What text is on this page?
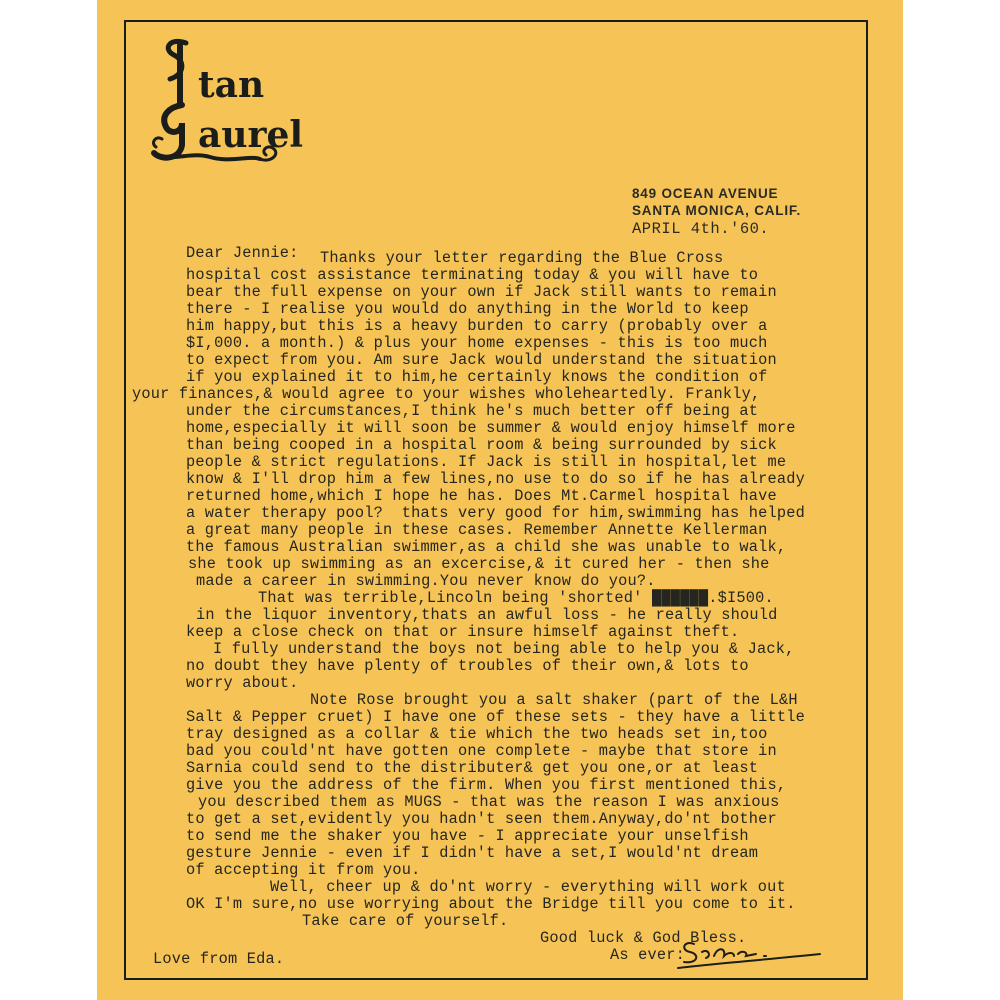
tan
aurel
849 OCEAN AVENUE
SANTA MONICA, CALIF.
APRIL 4th.'60.
Dear Jennie: Thanks your letter regarding the Blue Cross
hospital cost assistance terminating today & you will have to
bear the full expense on your own if Jack still wants to remain
there - I realise you would do anything in the World to keep
him happy,but this is a heavy burden to carry (probably over a
$I,000. a month.) & plus your home expenses - this is too much
to expect from you. Am sure Jack would understand the situation
if you explained it to him,he certainly knows the condition of
your finances,& would agree to your wishes wholeheartedly. Frankly,
under the circumstances,I think he's much better off being at
home,especially it will soon be summer & would enjoy himself more
than being cooped in a hospital room & being surrounded by sick
people & strict regulations. If Jack is still in hospital,let me
know & I'll drop him a few lines,no use to do so if he has already
returned home,which I hope he has. Does Mt.Carmel hospital have
a water therapy pool?  thats very good for him,swimming has helped
a great many people in these cases. Remember Annette Kellerman
the famous Australian swimmer,as a child she was unable to walk,
she took up swimming as an excercise,& it cured her - then she
made a career in swimming.You never know do you?.
That was terrible,Lincoln being 'shorted' ██████.$I500.
in the liquor inventory,thats an awful loss - he really should
keep a close check on that or insure himself against theft.
I fully understand the boys not being able to help you & Jack,
no doubt they have plenty of troubles of their own,& lots to
worry about.
Note Rose brought you a salt shaker (part of the L&H
Salt & Pepper cruet) I have one of these sets - they have a little
tray designed as a collar & tie which the two heads set in,too
bad you could'nt have gotten one complete - maybe that store in
Sarnia could send to the distributer& get you one,or at least
give you the address of the firm. When you first mentioned this,
you described them as MUGS - that was the reason I was anxious
to get a set,evidently you hadn't seen them.Anyway,do'nt bother
to send me the shaker you have - I appreciate your unselfish
gesture Jennie - even if I didn't have a set,I would'nt dream
of accepting it from you.
Well, cheer up & do'nt worry - everything will work out
OK I'm sure,no use worrying about the Bridge till you come to it.
Take care of yourself.
Good luck & God Bless.
As ever:
Love from Eda.
